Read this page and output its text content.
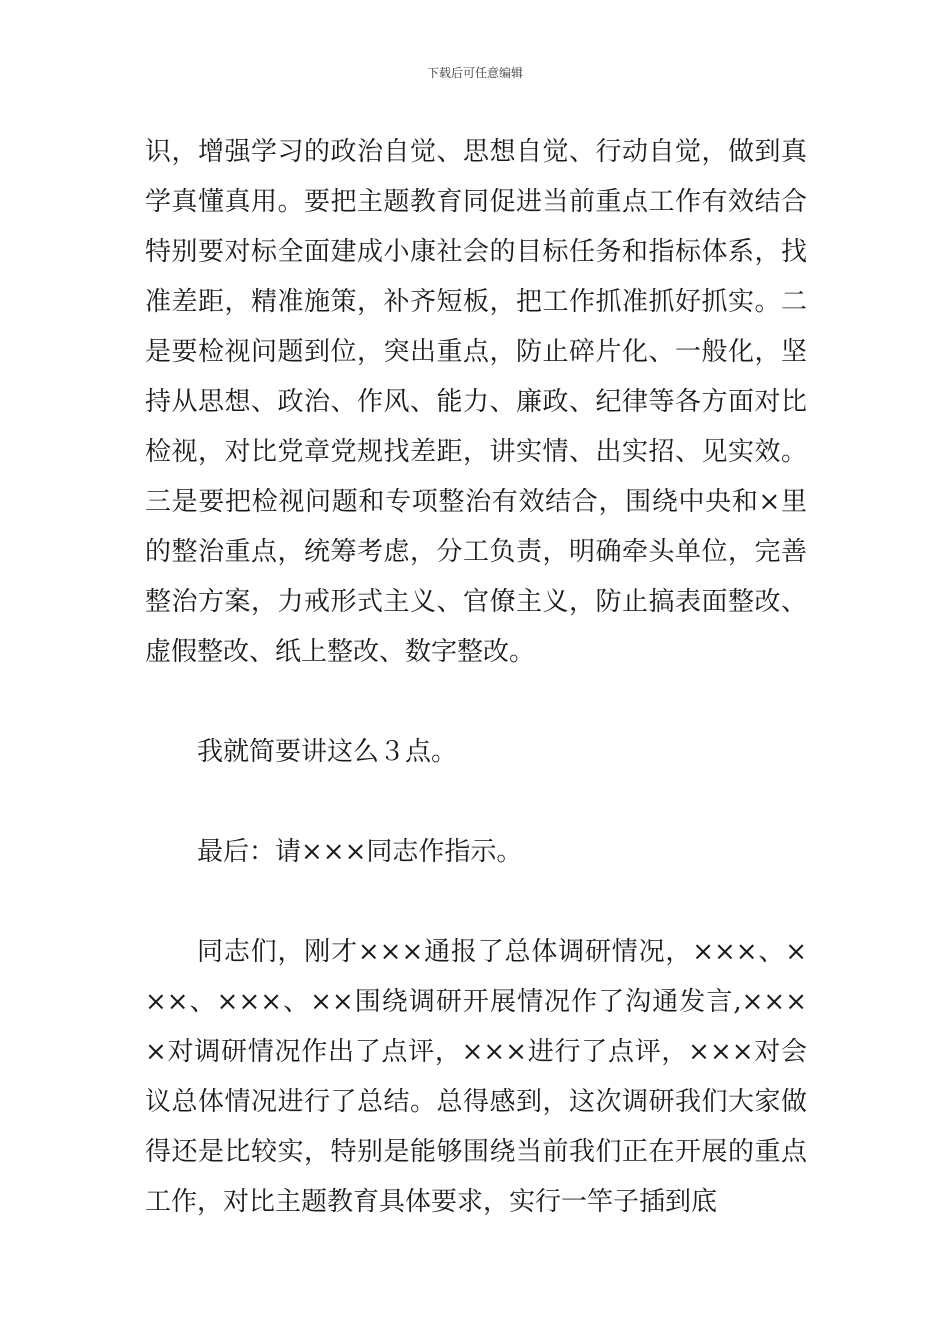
下载后可任意编辑

识，增强学习的政治自觉、思想自觉、行动自觉，做到真学真懂真用。要把主题教育同促进当前重点工作有效结合特别要对标全面建成小康社会的目标任务和指标体系，找准差距，精准施策，补齐短板，把工作抓准抓好抓实。二是要检视问题到位，突出重点，防止碎片化、一般化，坚持从思想、政治、作风、能力、廉政、纪律等各方面对比检视，对比党章党规找差距，讲实情、出实招、见实效。三是要把检视问题和专项整治有效结合，围绕中央和×里的整治重点，统筹考虑，分工负责，明确牵头单位，完善整治方案，力戒形式主义、官僚主义，防止搞表面整改、虚假整改、纸上整改、数字整改。

我就简要讲这么３点。

最后：请×××同志作指示。

同志们，刚才×××通报了总体调研情况，×××、×××、×××、××围绕调研开展情况作了沟通发言,××××对调研情况作出了点评，×××进行了点评，×××对会议总体情况进行了总结。总得感到，这次调研我们大家做得还是比较实，特别是能够围绕当前我们正在开展的重点工作，对比主题教育具体要求，实行一竿子插到底
